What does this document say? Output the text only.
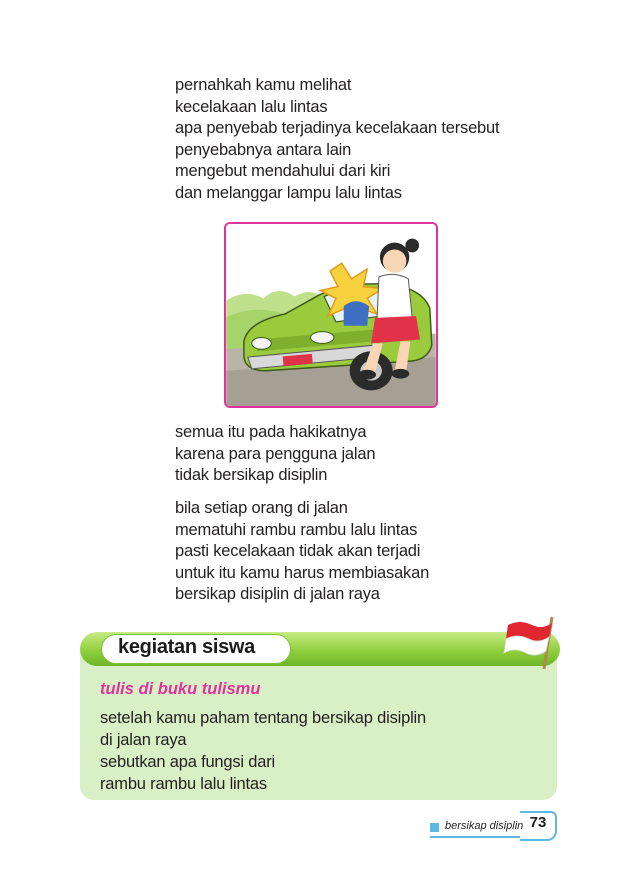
pernahkah kamu melihat
kecelakaan lalu lintas
apa penyebab terjadinya kecelakaan tersebut
penyebabnya antara lain
mengebut mendahului dari kiri
dan melanggar lampu lalu lintas
semua itu pada hakikatnya
karena para pengguna jalan
tidak bersikap disiplin
bila setiap orang di jalan
mematuhi rambu rambu lalu lintas
pasti kecelakaan tidak akan terjadi
untuk itu kamu harus membiasakan
bersikap disiplin di jalan raya
kegiatan siswa
tulis di buku tulismu
setelah kamu paham tentang bersikap disiplin
di jalan raya
sebutkan apa fungsi dari
rambu rambu lalu lintas
bersikap disiplin 73
